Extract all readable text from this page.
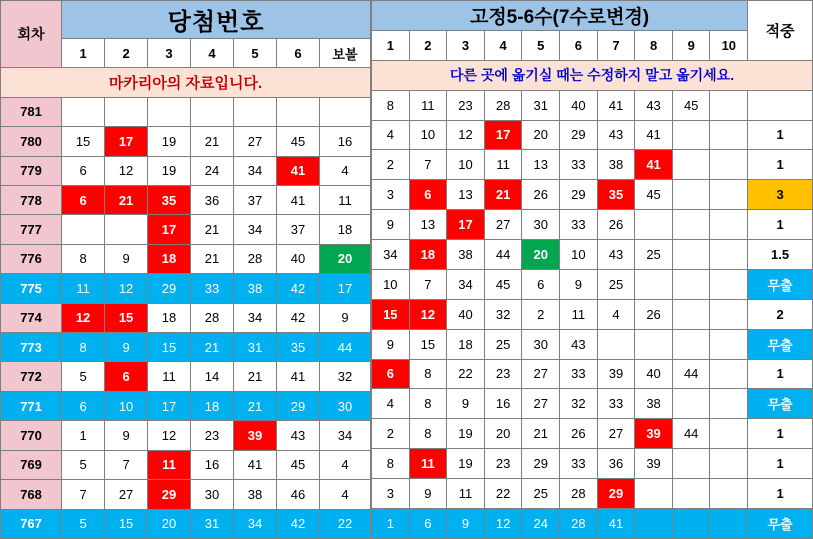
회차	당첨번호						
	1	2	3	4	5	6	보볼
마카리아의 자료입니다.							
781							
780	15	17	19	21	27	45	16
779	6	12	19	24	34	41	4
778	6	21	35	36	37	41	11
777			17	21	34	37	18
776	8	9	18	21	28	40	20
775	11	12	29	33	38	42	17
774	12	15	18	28	34	42	9
773	8	9	15	21	31	35	44
772	5	6	11	14	21	41	32
771	6	10	17	18	21	29	30
770	1	9	12	23	39	43	34
769	5	7	11	16	41	45	4
768	7	27	29	30	38	46	4
767	5	15	20	31	34	42	22
고정5-6수(7수로변경)										적중
1	2	3	4	5	6	7	8	9	10	
다른 곳에 옮기실 때는 수정하지 말고 옮기세요.										
8	11	23	28	31	40	41	43	45		
4	10	12	17	20	29	43	41			1
2	7	10	11	13	33	38	41			1
3	6	13	21	26	29	35	45			3
9	13	17	27	30	33	26				1
34	18	38	44	20	10	43	25			1.5
10	7	34	45	6	9	25				무출
15	12	40	32	2	11	4	26			2
9	15	18	25	30	43					무출
6	8	22	23	27	33	39	40	44		1
4	8	9	16	27	32	33	38			무출
2	8	19	20	21	26	27	39	44		1
8	11	19	23	29	33	36	39			1
3	9	11	22	25	28	29				1
1	6	9	12	24	28	41				무출
